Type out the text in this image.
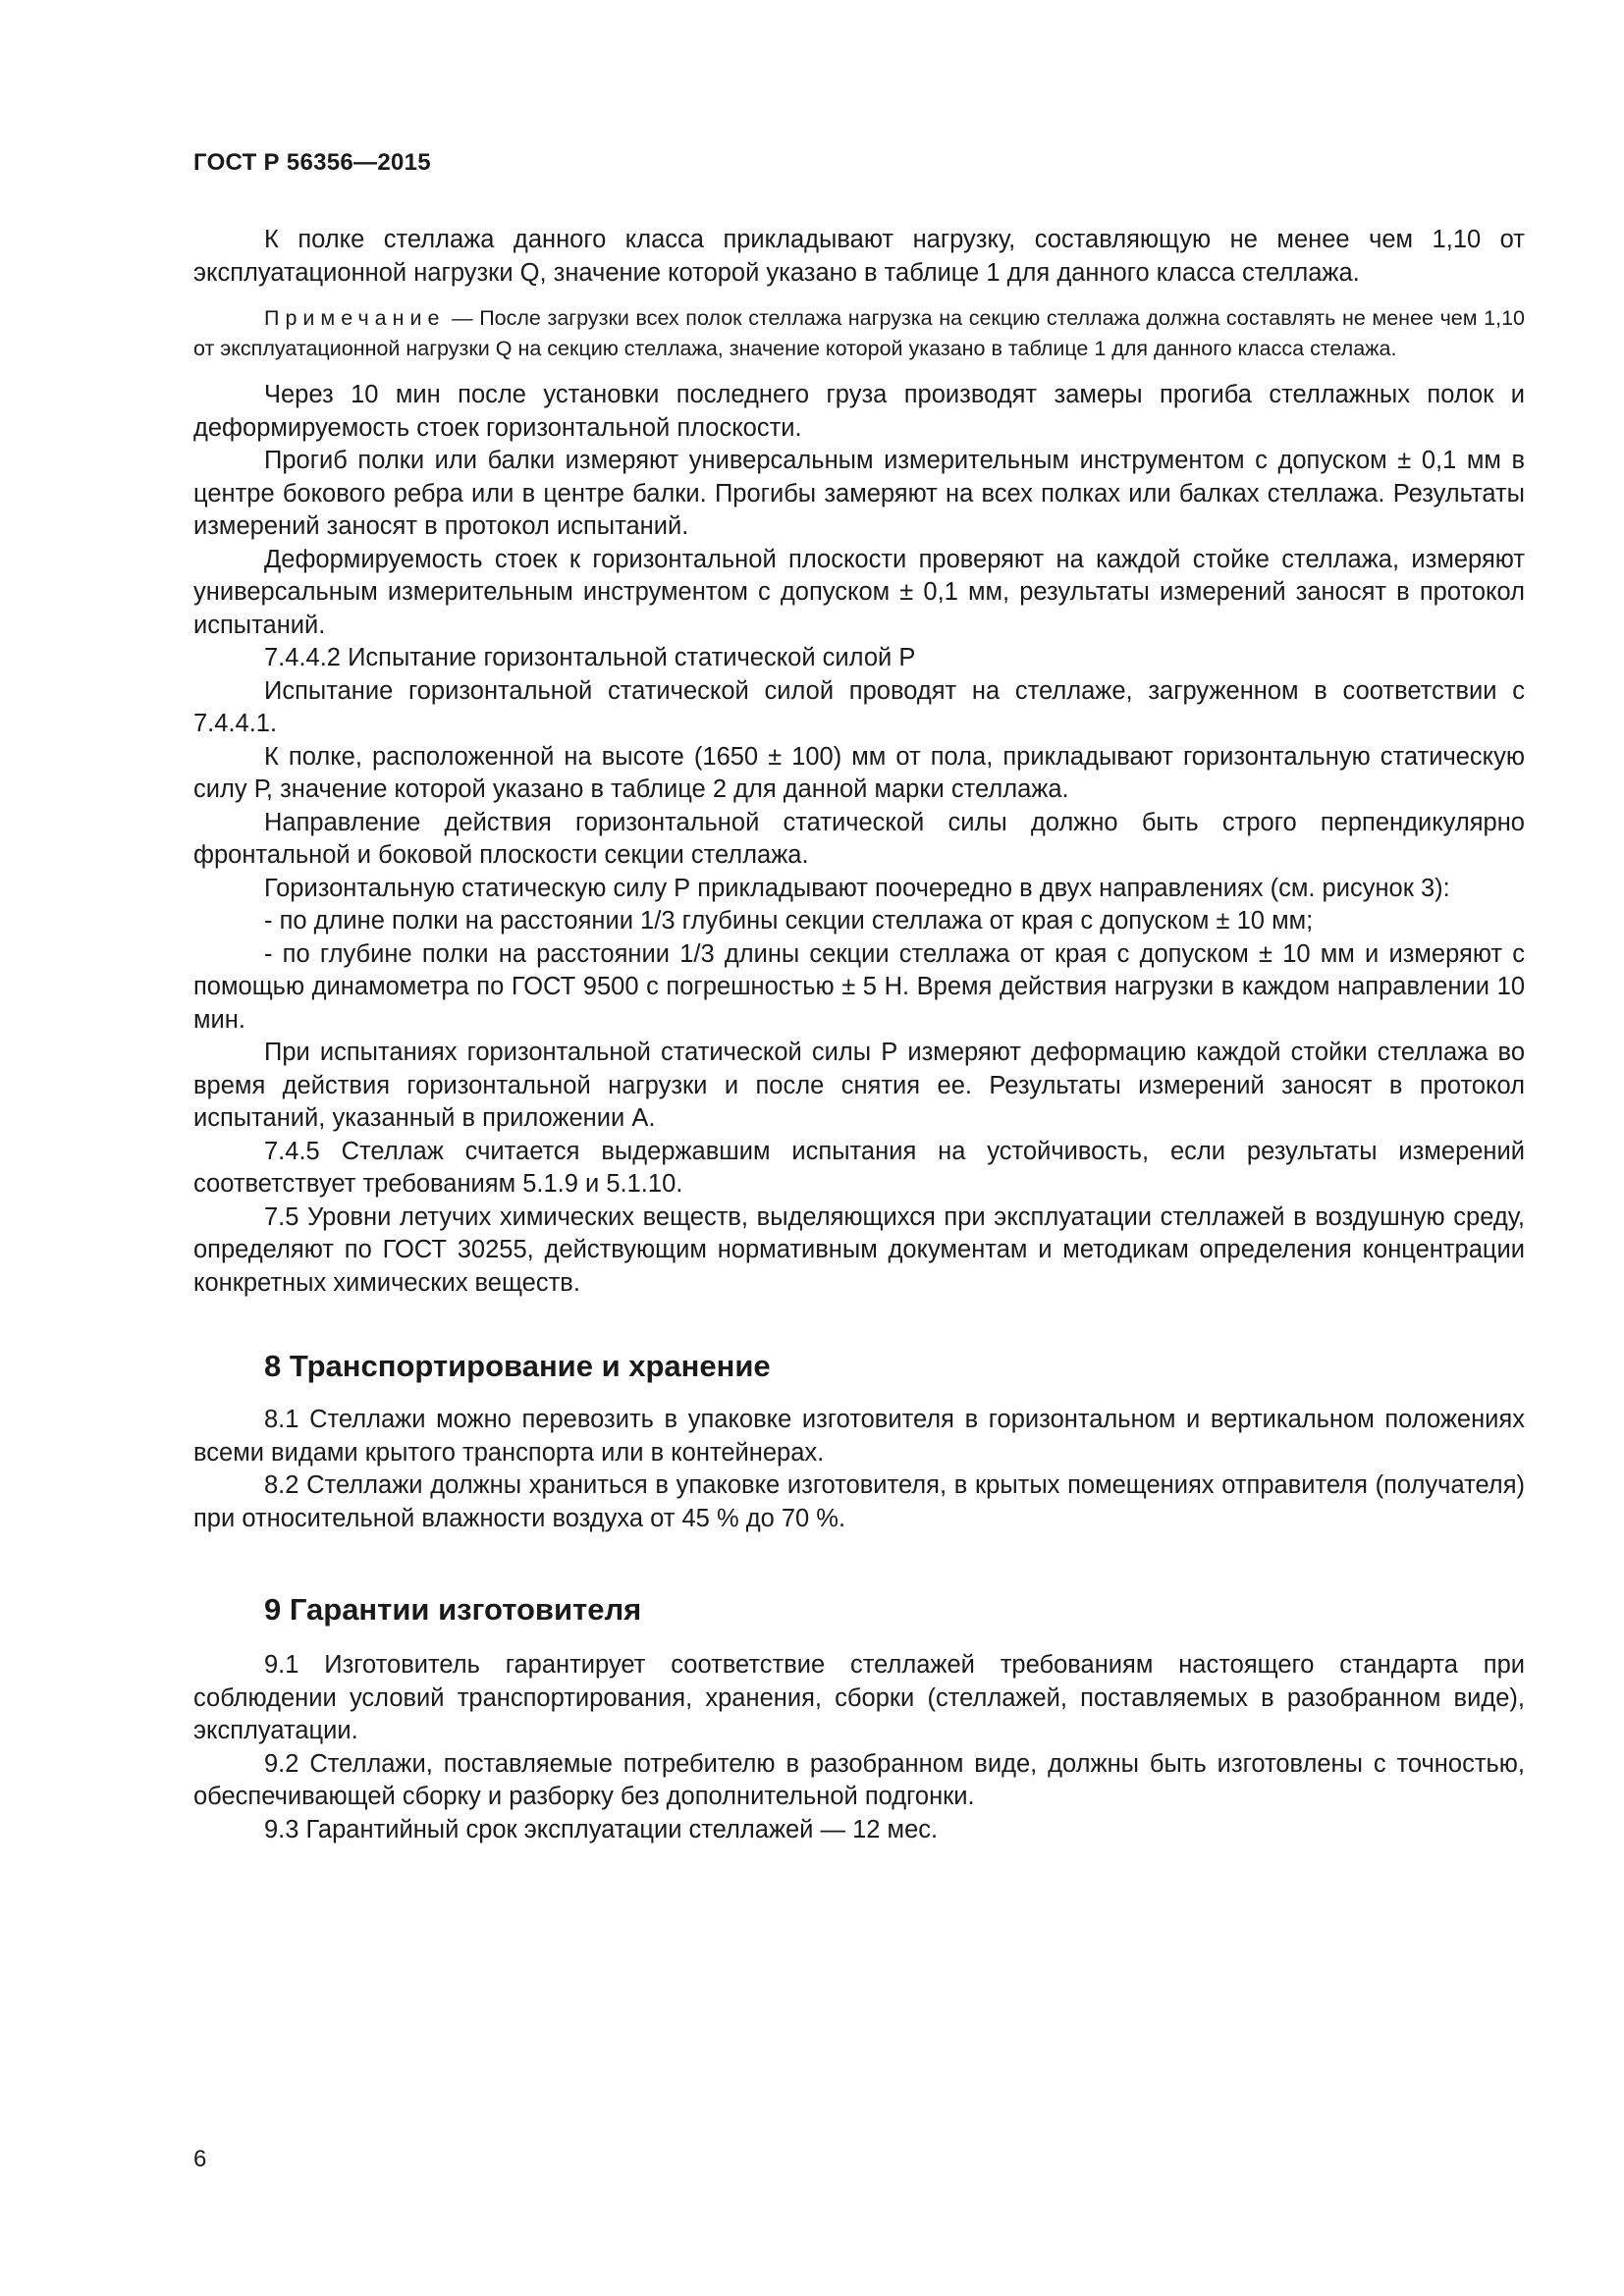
ГОСТ Р 56356—2015

К полке стеллажа данного класса прикладывают нагрузку, составляющую не менее чем 1,10 от эксплуатационной нагрузки Q, значение которой указано в таблице 1 для данного класса стеллажа.

Примечание — После загрузки всех полок стеллажа нагрузка на секцию стеллажа должна составлять не менее чем 1,10 от эксплуатационной нагрузки Q на секцию стеллажа, значение которой указано в таблице 1 для данного класса стелажа.

Через 10 мин после установки последнего груза производят замеры прогиба стеллажных полок и деформируемость стоек горизонтальной плоскости.

Прогиб полки или балки измеряют универсальным измерительным инструментом с допуском ± 0,1 мм в центре бокового ребра или в центре балки. Прогибы замеряют на всех полках или балках стеллажа. Результаты измерений заносят в протокол испытаний.

Деформируемость стоек к горизонтальной плоскости проверяют на каждой стойке стеллажа, измеряют универсальным измерительным инструментом с допуском ± 0,1 мм, результаты измерений заносят в протокол испытаний.

7.4.4.2 Испытание горизонтальной статической силой Р

Испытание горизонтальной статической силой проводят на стеллаже, загруженном в соответствии с 7.4.4.1.

К полке, расположенной на высоте (1650 ± 100) мм от пола, прикладывают горизонтальную статическую силу Р, значение которой указано в таблице 2 для данной марки стеллажа.

Направление действия горизонтальной статической силы должно быть строго перпендикулярно фронтальной и боковой плоскости секции стеллажа.

Горизонтальную статическую силу Р прикладывают поочередно в двух направлениях (см. рисунок 3):

- по длине полки на расстоянии 1/3 глубины секции стеллажа от края с допуском ± 10 мм;

- по глубине полки на расстоянии 1/3 длины секции стеллажа от края с допуском ± 10 мм и измеряют с помощью динамометра по ГОСТ 9500 с погрешностью ± 5 Н. Время действия нагрузки в каждом направлении 10 мин.

При испытаниях горизонтальной статической силы Р измеряют деформацию каждой стойки стеллажа во время действия горизонтальной нагрузки и после снятия ее. Результаты измерений заносят в протокол испытаний, указанный в приложении А.

7.4.5 Стеллаж считается выдержавшим испытания на устойчивость, если результаты измерений соответствует требованиям 5.1.9 и 5.1.10.

7.5 Уровни летучих химических веществ, выделяющихся при эксплуатации стеллажей в воздушную среду, определяют по ГОСТ 30255, действующим нормативным документам и методикам определения концентрации конкретных химических веществ.

8 Транспортирование и хранение

8.1 Стеллажи можно перевозить в упаковке изготовителя в горизонтальном и вертикальном положениях всеми видами крытого транспорта или в контейнерах.

8.2 Стеллажи должны храниться в упаковке изготовителя, в крытых помещениях отправителя (получателя) при относительной влажности воздуха от 45 % до 70 %.

9 Гарантии изготовителя

9.1 Изготовитель гарантирует соответствие стеллажей требованиям настоящего стандарта при соблюдении условий транспортирования, хранения, сборки (стеллажей, поставляемых в разобранном виде), эксплуатации.

9.2 Стеллажи, поставляемые потребителю в разобранном виде, должны быть изготовлены с точностью, обеспечивающей сборку и разборку без дополнительной подгонки.

9.3 Гарантийный срок эксплуатации стеллажей — 12 мес.

6
